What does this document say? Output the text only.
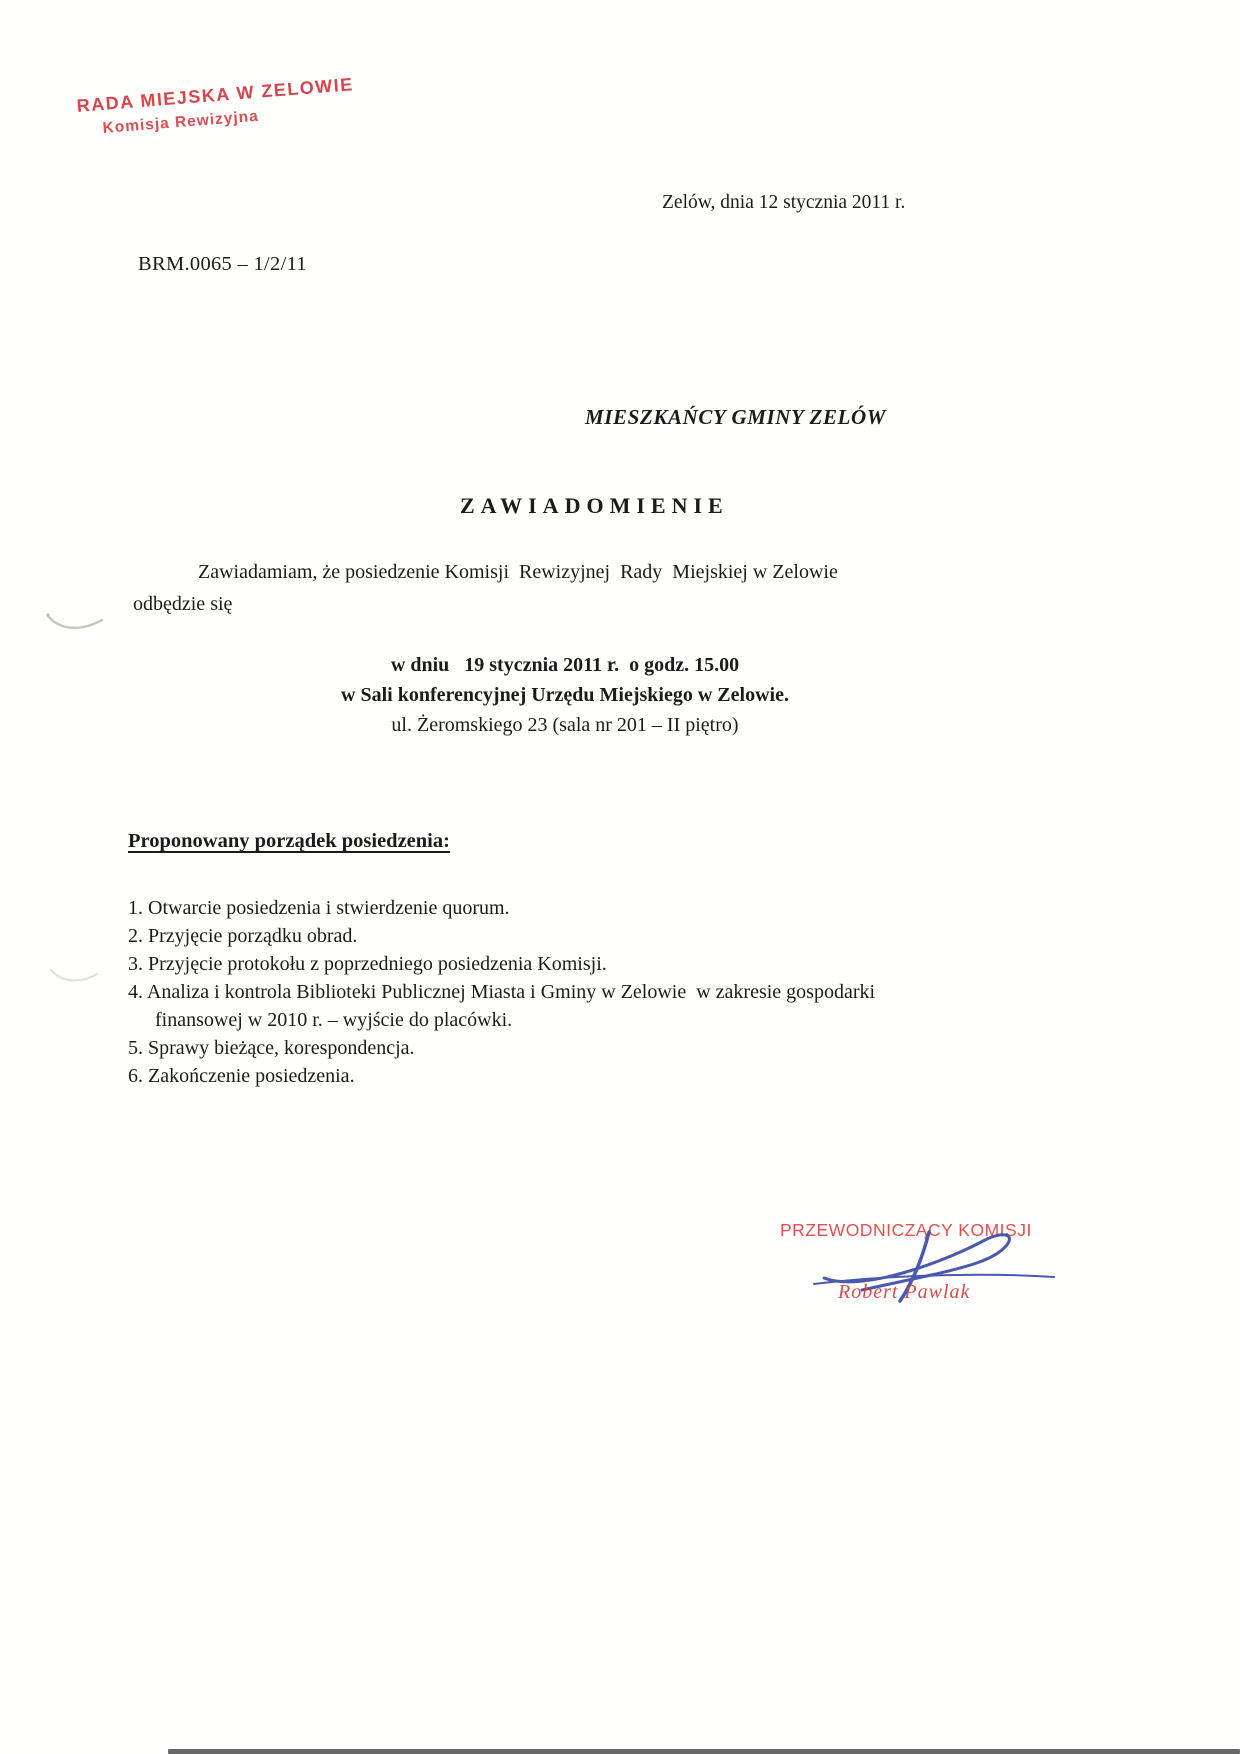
RADA MIEJSKA W ZELOWIE
Komisja Rewizyjna
Zelów, dnia 12 stycznia 2011 r.
BRM.0065 – 1/2/11
MIESZKAŃCY GMINY ZELÓW
ZAWIADOMIENIE
Zawiadamiam, że posiedzenie Komisji  Rewizyjnej  Rady  Miejskiej w Zelowie
odbędzie się
w dniu   19 stycznia 2011 r.  o godz. 15.00
w Sali konferencyjnej Urzędu Miejskiego w Zelowie.
ul. Żeromskiego 23 (sala nr 201 – II piętro)
Proponowany porządek posiedzenia:
1. Otwarcie posiedzenia i stwierdzenie quorum.
2. Przyjęcie porządku obrad.
3. Przyjęcie protokołu z poprzedniego posiedzenia Komisji.
4. Analiza i kontrola Biblioteki Publicznej Miasta i Gminy w Zelowie  w zakresie gospodarki
finansowej w 2010 r. – wyjście do placówki.
5. Sprawy bieżące, korespondencja.
6. Zakończenie posiedzenia.
PRZEWODNICZĄCY KOMISJI
Robert Pawlak
